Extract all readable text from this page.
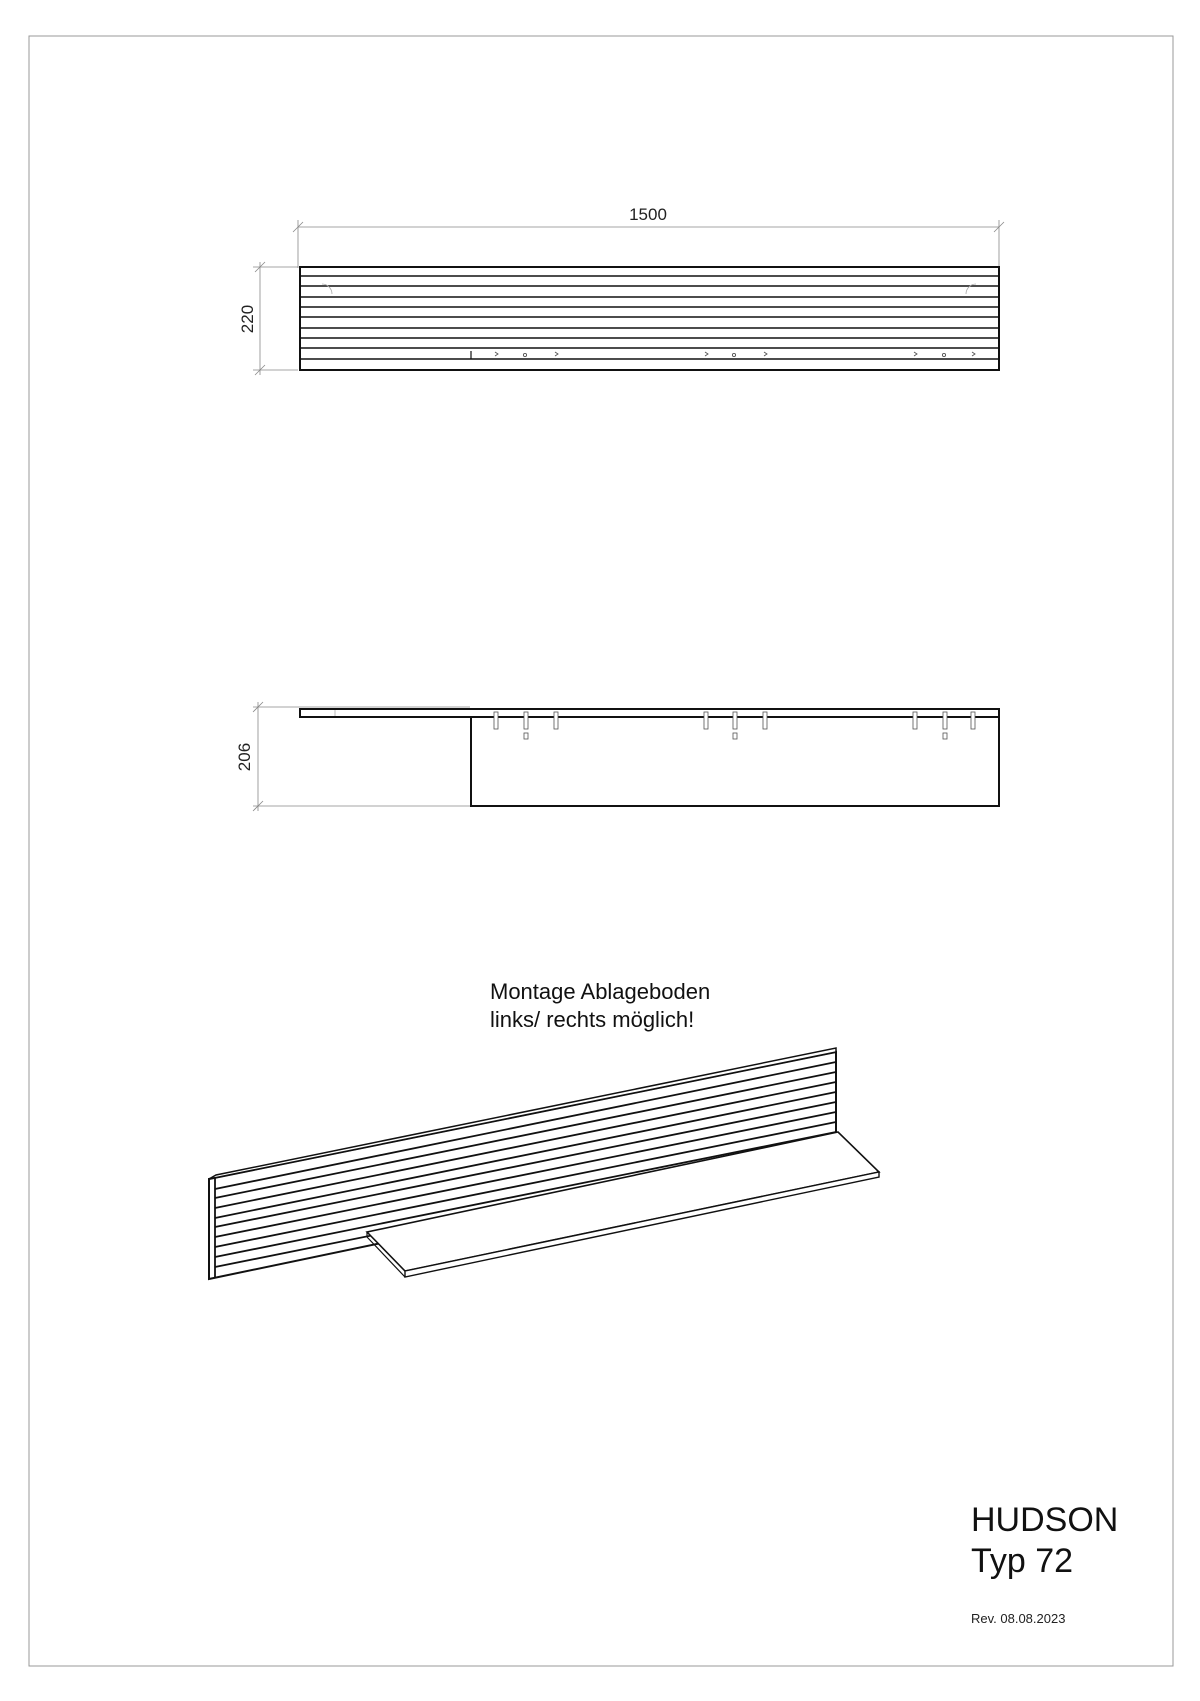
1500
220
206
Montage Ablageboden
links/ rechts möglich!
HUDSON
Typ 72
Rev. 08.08.2023
